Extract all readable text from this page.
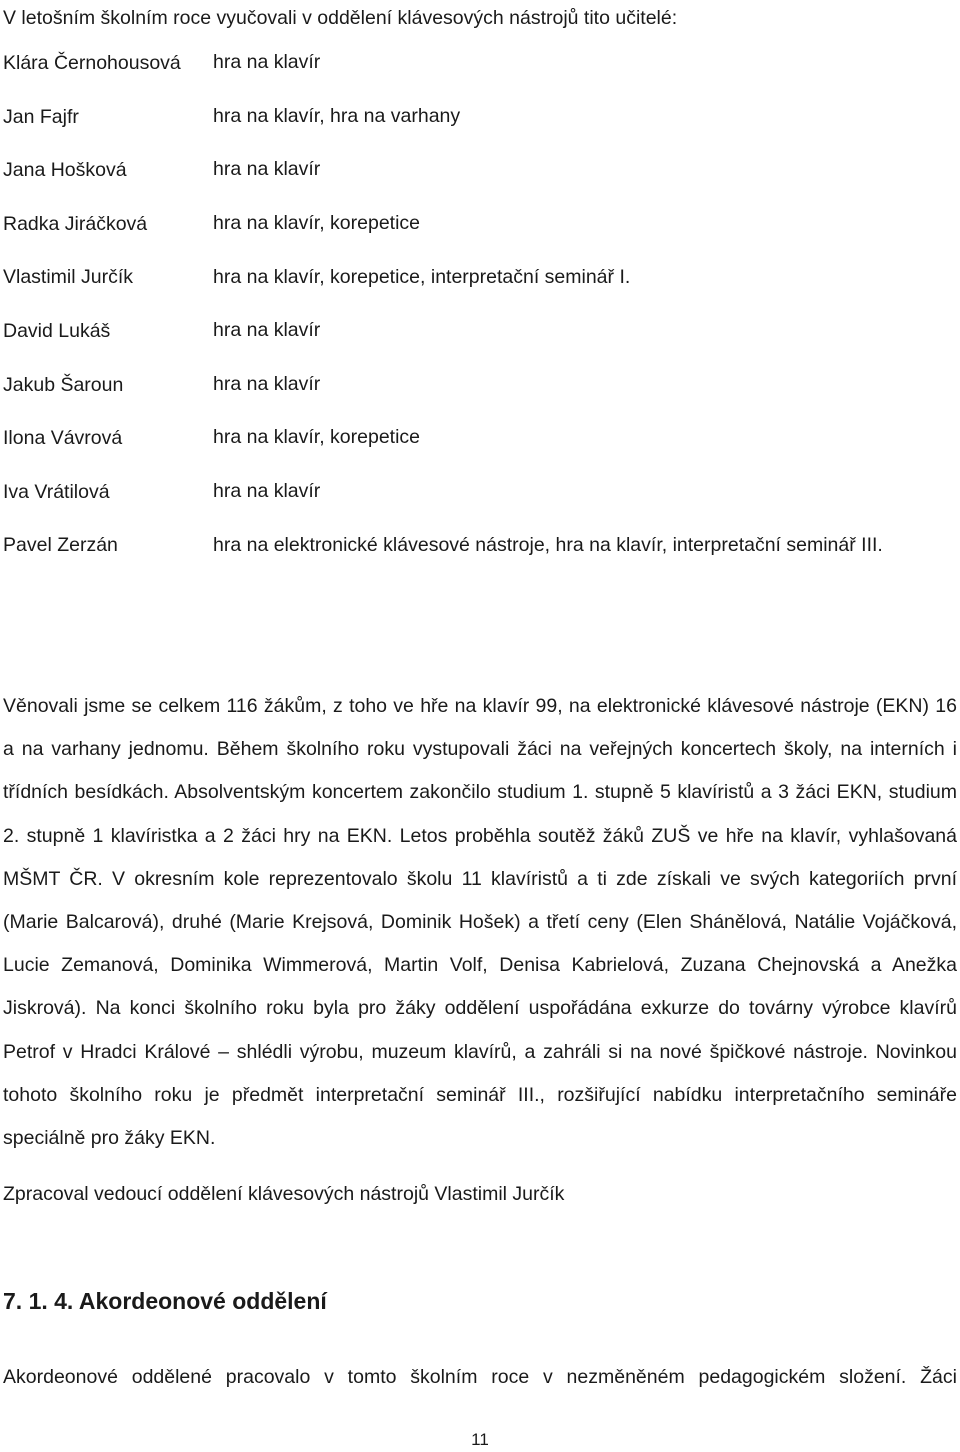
V letošním školním roce vyučovali v oddělení klávesových nástrojů tito učitelé:
Klára Černohousová hra na klavír
Jan Fajfr	hra na klavír, hra na varhany
Jana Hošková	hra na klavír
Radka Jiráčková	hra na klavír, korepetice
Vlastimil Jurčík	hra na klavír, korepetice, interpretační seminář I.
David Lukáš	hra na klavír
Jakub Šaroun	hra na klavír
Ilona Vávrová	hra na klavír, korepetice
Iva Vrátilová	hra na klavír
Pavel Zerzán	hra na elektronické klávesové nástroje, hra na klavír, interpretační seminář III.

Věnovali jsme se celkem 116 žákům, z toho ve hře na klavír 99, na elektronické klávesové nástroje (EKN) 16 a na varhany jednomu. Během školního roku vystupovali žáci na veřejných koncertech školy, na interních i třídních besídkách. Absolventským koncertem zakončilo studium 1. stupně 5 klavíristů a 3 žáci EKN, studium 2. stupně 1 klavíristka a 2 žáci hry na EKN. Letos proběhla soutěž žáků ZUŠ ve hře na klavír, vyhlašovaná MŠMT ČR. V okresním kole reprezentovalo školu 11 klavíristů a ti zde získali ve svých kategoriích první (Marie Balcarová), druhé (Marie Krejsová, Dominik Hošek) a třetí ceny (Elen Shánělová, Natálie Vojáčková, Lucie Zemanová, Dominika Wimmerová, Martin Volf, Denisa Kabrielová, Zuzana Chejnovská a Anežka Jiskrová). Na konci školního roku byla pro žáky oddělení uspořádána exkurze do továrny výrobce klavírů Petrof v Hradci Králové – shlédli výrobu, muzeum klavírů, a zahráli si na nové špičkové nástroje. Novinkou tohoto školního roku je předmět interpretační seminář III., rozšiřující nabídku interpretačního semináře speciálně pro žáky EKN.

Zpracoval vedoucí oddělení klávesových nástrojů Vlastimil Jurčík
7. 1. 4. Akordeonové oddělení

Akordeonové oddělené pracovalo v tomto školním roce v nezměněném pedagogickém složení. Žáci

11
